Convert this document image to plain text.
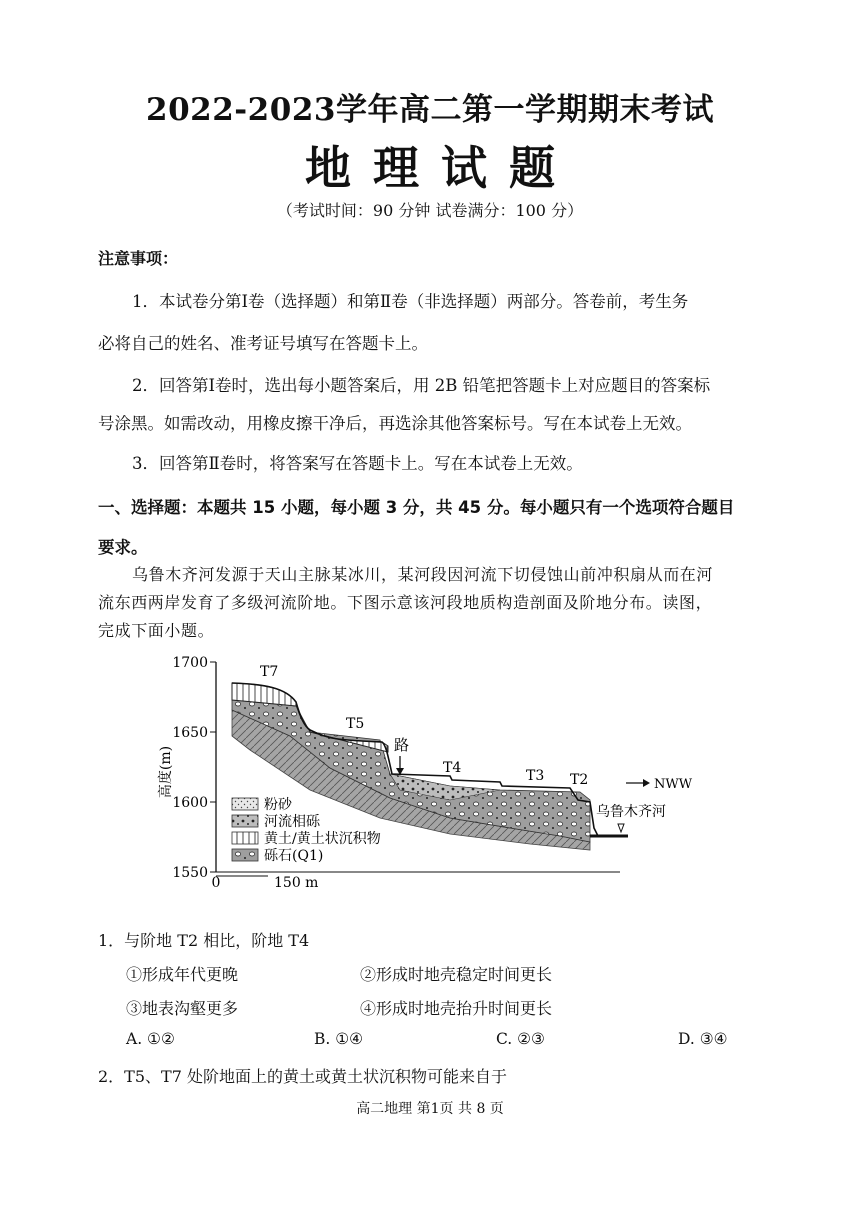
2022-2023学年高二第一学期期末考试
地理试题
（考试时间：90 分钟 试卷满分：100 分）
注意事项：
1．本试卷分第Ⅰ卷（选择题）和第Ⅱ卷（非选择题）两部分。答卷前，考生务
必将自己的姓名、准考证号填写在答题卡上。
2．回答第Ⅰ卷时，选出每小题答案后，用 2B 铅笔把答题卡上对应题目的答案标
号涂黑。如需改动，用橡皮擦干净后，再选涂其他答案标号。写在本试卷上无效。
3．回答第Ⅱ卷时，将答案写在答题卡上。写在本试卷上无效。
一、选择题：本题共 15 小题，每小题 3 分，共 45 分。每小题只有一个选项符合题目
要求。
乌鲁木齐河发源于天山主脉某冰川，某河段因河流下切侵蚀山前冲积扇从而在河
流东西两岸发育了多级河流阶地。下图示意该河段地质构造剖面及阶地分布。读图，
完成下面小题。
1700
1650
1600
1550
高度(m)
0	150 m
T7
T5
T4	T3 T2
路
NWW
乌鲁木齐河
粉砂
河流相砾
黄土/黄土状沉积物
砾石(Q1)
1．与阶地 T2 相比，阶地 T4
①形成年代更晚	②形成时地壳稳定时间更长
③地表沟壑更多	④形成时地壳抬升时间更长
A. ①②	B. ①④	C. ②③	D. ③④
2．T5、T7 处阶地面上的黄土或黄土状沉积物可能来自于
高二地理 第1页 共 8 页
